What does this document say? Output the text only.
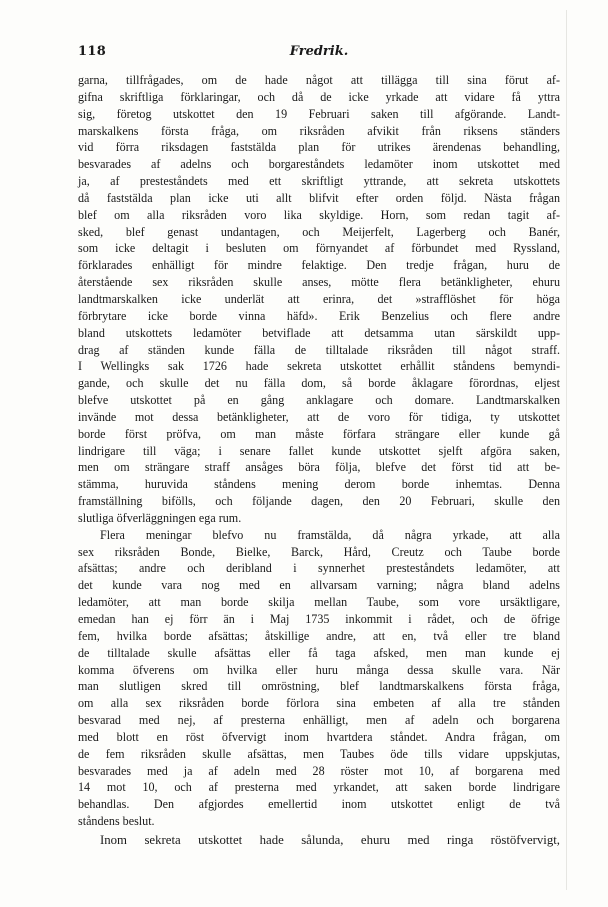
118	Fredrik.
garna, tillfrågades, om de hade något att tillägga till sina förut af-
gifna skriftliga förklaringar, och då de icke yrkade att vidare få yttra
sig, företog utskottet den 19 Februari saken till afgörande. Landt-
marskalkens första fråga, om riksråden afvikit från riksens ständers
vid förra riksdagen faststälda plan för utrikes ärendenas behandling,
besvarades af adelns och borgareståndets ledamöter inom utskottet med
ja, af presteståndets med ett skriftligt yttrande, att sekreta utskottets
då faststälda plan icke uti allt blifvit efter orden följd. Nästa frågan
blef om alla riksråden voro lika skyldige. Horn, som redan tagit af-
sked, blef genast undantagen, och Meijerfelt, Lagerberg och Banér,
som icke deltagit i besluten om förnyandet af förbundet med Ryssland,
förklarades enhälligt för mindre felaktige. Den tredje frågan, huru de
återstående sex riksråden skulle anses, mötte flera betänkligheter, ehuru
landtmarskalken icke underlät att erinra, det »strafflöshet för höga
förbrytare icke borde vinna häfd». Erik Benzelius och flere andre
bland utskottets ledamöter betviflade att detsamma utan särskildt upp-
drag af ständen kunde fälla de tilltalade riksråden till något straff.
I Wellingks sak 1726 hade sekreta utskottet erhållit ståndens bemyndi-
gande, och skulle det nu fälla dom, så borde åklagare förordnas, eljest
blefve utskottet på en gång anklagare och domare. Landtmarskalken
invände mot dessa betänkligheter, att de voro för tidiga, ty utskottet
borde först pröfva, om man måste förfara strängare eller kunde gå
lindrigare till väga; i senare fallet kunde utskottet sjelft afgöra saken,
men om strängare straff ansåges böra följa, blefve det först tid att be-
stämma, huruvida ståndens mening derom borde inhemtas. Denna
framställning bifölls, och följande dagen, den 20 Februari, skulle den
slutliga öfverläggningen ega rum.
Flera meningar blefvo nu framstälda, då några yrkade, att alla
sex riksråden Bonde, Bielke, Barck, Hård, Creutz och Taube borde
afsättas; andre och deribland i synnerhet presteståndets ledamöter, att
det kunde vara nog med en allvarsam varning; några bland adelns
ledamöter, att man borde skilja mellan Taube, som vore ursäktligare,
emedan han ej förr än i Maj 1735 inkommit i rådet, och de öfrige
fem, hvilka borde afsättas; åtskillige andre, att en, två eller tre bland
de tilltalade skulle afsättas eller få taga afsked, men man kunde ej
komma öfverens om hvilka eller huru många dessa skulle vara. När
man slutligen skred till omröstning, blef landtmarskalkens första fråga,
om alla sex riksråden borde förlora sina embeten af alla tre stånden
besvarad med nej, af presterna enhälligt, men af adeln och borgarena
med blott en röst öfvervigt inom hvartdera ståndet. Andra frågan, om
de fem riksråden skulle afsättas, men Taubes öde tills vidare uppskjutas,
besvarades med ja af adeln med 28 röster mot 10, af borgarena med
14 mot 10, och af presterna med yrkandet, att saken borde lindrigare
behandlas. Den afgjordes emellertid inom utskottet enligt de två
ståndens beslut.
Inom sekreta utskottet hade sålunda, ehuru med ringa röstöfvervigt,
